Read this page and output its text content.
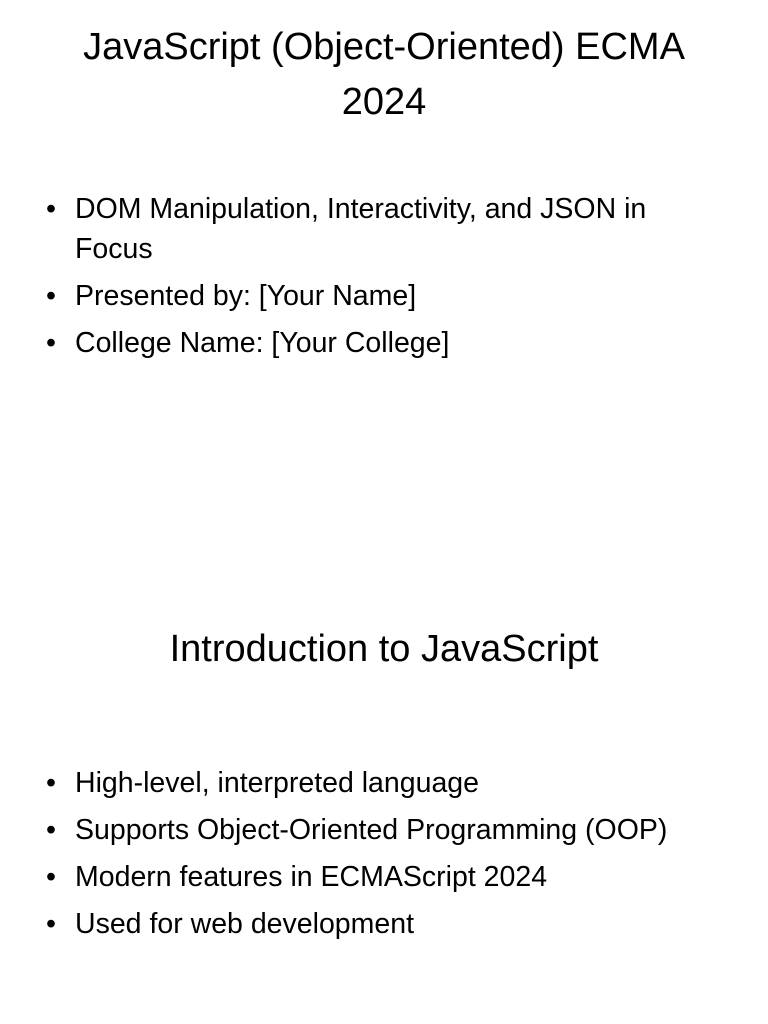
JavaScript (Object-Oriented) ECMA 2024
• DOM Manipulation, Interactivity, and JSON in Focus
• Presented by: [Your Name]
• College Name: [Your College]
Introduction to JavaScript
• High-level, interpreted language
• Supports Object-Oriented Programming (OOP)
• Modern features in ECMAScript 2024
• Used for web development
